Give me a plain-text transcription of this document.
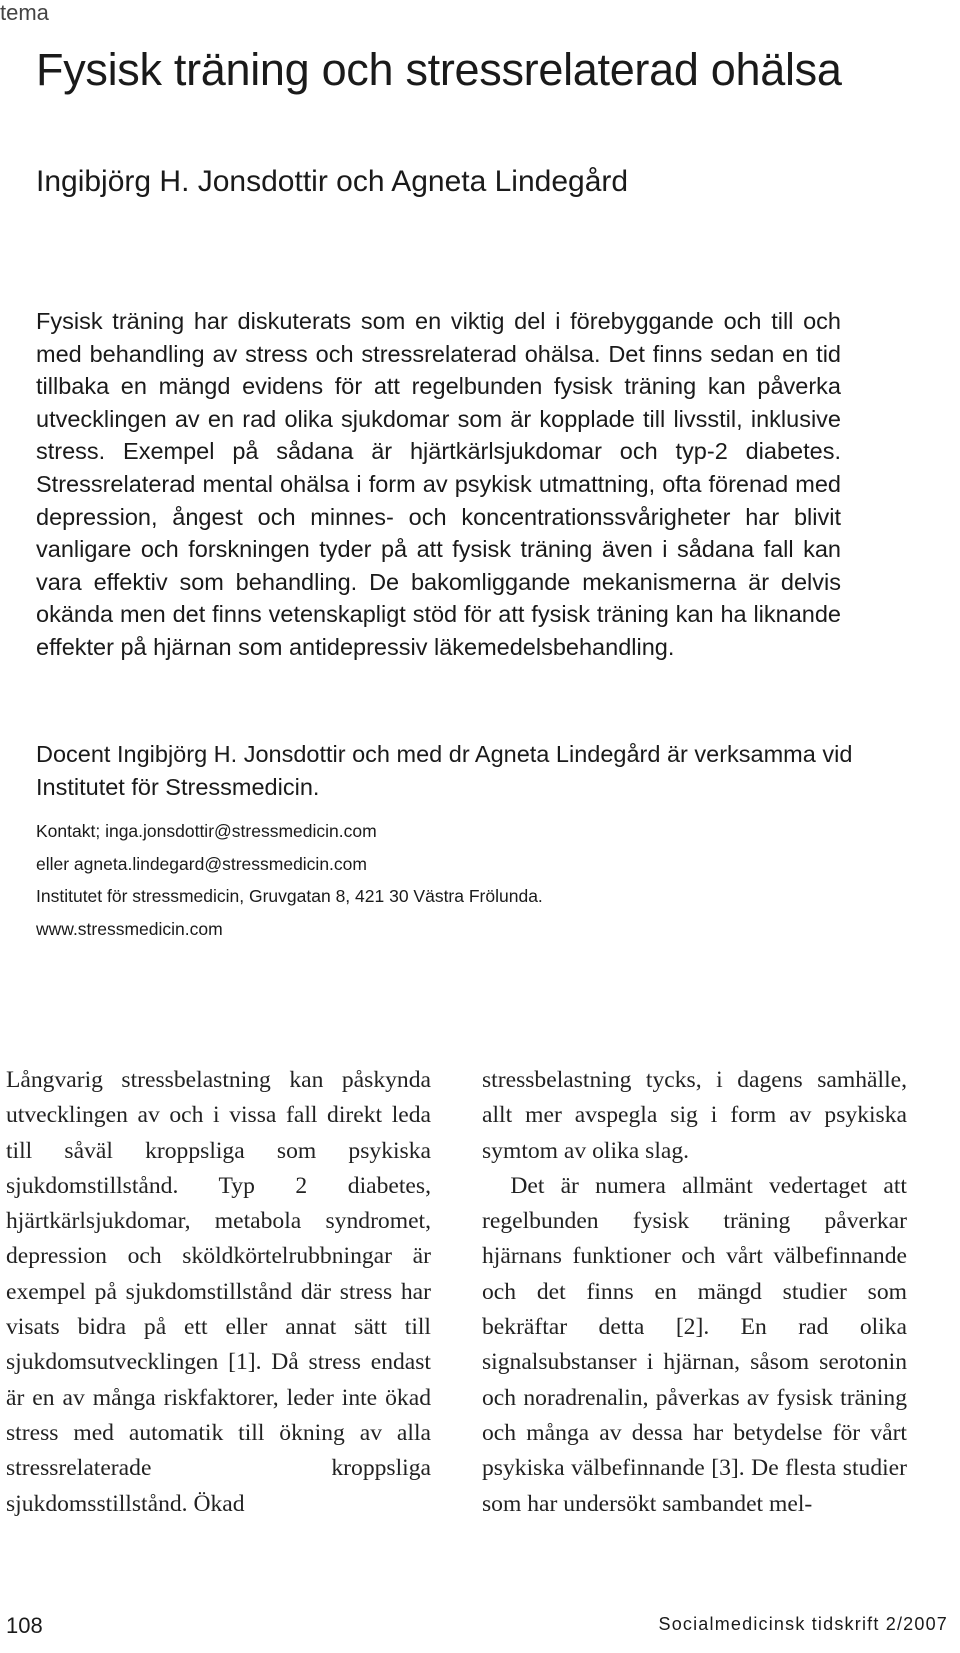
tema
Fysisk träning och stressrelaterad ohälsa
Ingibjörg H. Jonsdottir och Agneta Lindegård

Fysisk träning har diskuterats som en viktig del i förebyggande och till och med behandling av stress och stressrelaterad ohälsa. Det finns sedan en tid tillbaka en mängd evidens för att regelbunden fysisk träning kan påverka utvecklingen av en rad olika sjukdomar som är kopplade till livsstil, inklusive stress. Exempel på sådana är hjärtkärlsjukdomar och typ-2 diabetes. Stressrelaterad mental ohälsa i form av psykisk utmattning, ofta förenad med depression, ångest och minnes- och koncentrationssvårigheter har blivit vanligare och forskningen tyder på att fysisk träning även i sådana fall kan vara effektiv som behandling. De bakomliggande mekanismerna är delvis okända men det finns vetenskapligt stöd för att fysisk träning kan ha liknande effekter på hjärnan som antidepressiv läkemedelsbehandling.

Docent Ingibjörg H. Jonsdottir och med dr Agneta Lindegård är verksamma vid Institutet för Stressmedicin.

Kontakt; inga.jonsdottir@stressmedicin.com
eller agneta.lindegard@stressmedicin.com
Institutet för stressmedicin, Gruvgatan 8, 421 30 Västra Frölunda.
www.stressmedicin.com

Långvarig stressbelastning kan påskynda utvecklingen av och i vissa fall direkt leda till såväl kroppsliga som psykiska sjukdomstillstånd. Typ 2 diabetes, hjärtkärlsjukdomar, metabola syndromet, depression och sköldkörtelrubbningar är exempel på sjukdomstillstånd där stress har visats bidra på ett eller annat sätt till sjukdomsutvecklingen [1]. Då stress endast är en av många riskfaktorer, leder inte ökad stress med automatik till ökning av alla stressrelaterade kroppsliga sjukdomsstillstånd. Ökad

stressbelastning tycks, i dagens samhälle, allt mer avspegla sig i form av psykiska symtom av olika slag.

Det är numera allmänt vedertaget att regelbunden fysisk träning påverkar hjärnans funktioner och vårt välbefinnande och det finns en mängd studier som bekräftar detta [2]. En rad olika signalsubstanser i hjärnan, såsom serotonin och noradrenalin, påverkas av fysisk träning och många av dessa har betydelse för vårt psykiska välbefinnande [3]. De flesta studier som har undersökt sambandet mel-

108	Socialmedicinsk tidskrift 2/2007
